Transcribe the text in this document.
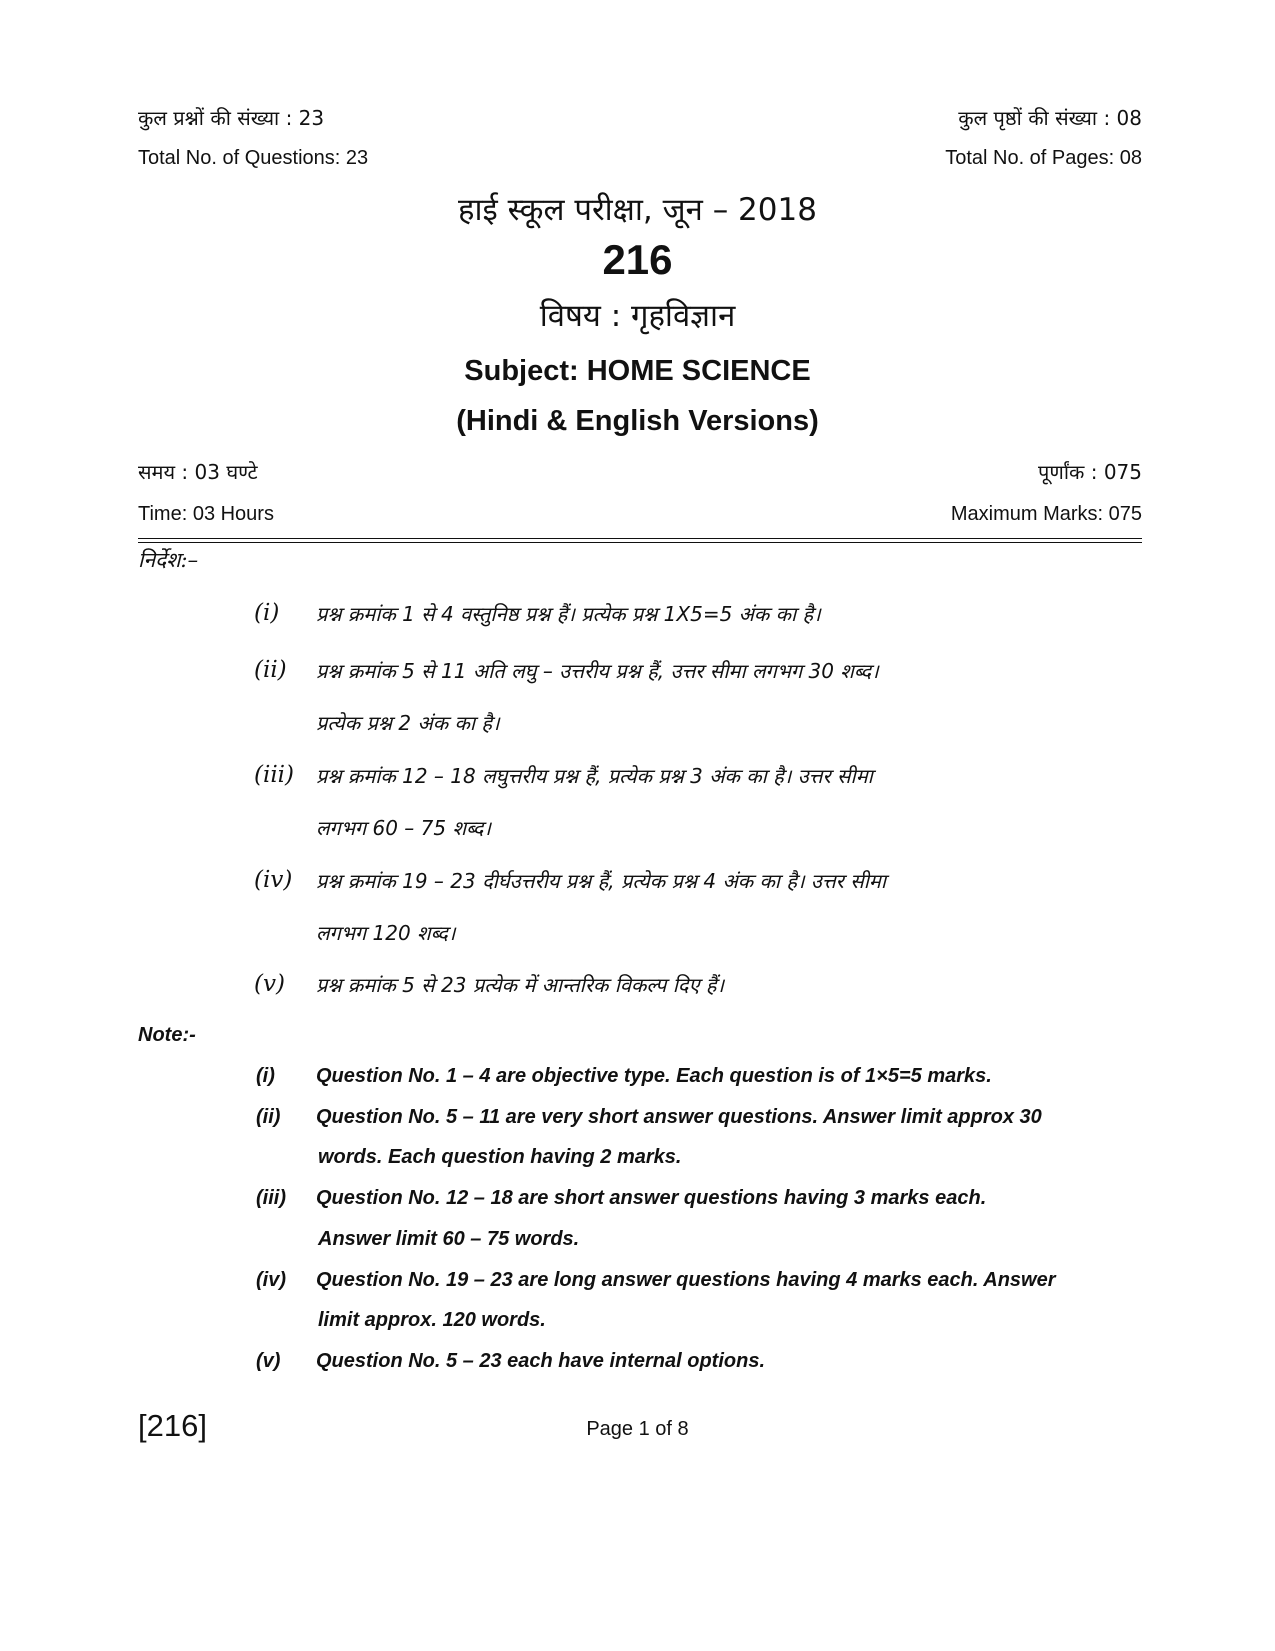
कुल प्रश्नों की संख्या : 23	कुल पृष्ठों की संख्या : 08
Total No. of Questions: 23	Total No. of Pages: 08
हाई स्कूल परीक्षा, जून – 2018
216
विषय : गृहविज्ञान
Subject: HOME SCIENCE
(Hindi & English Versions)
समय : 03 घण्टे	पूर्णांक : 075
Time: 03 Hours	Maximum Marks: 075
निर्देश:–
(i) प्रश्न क्रमांक 1 से 4 वस्तुनिष्ठ प्रश्न हैं। प्रत्येक प्रश्न 1X5=5 अंक का है।
(ii) प्रश्न क्रमांक 5 से 11 अति लघु – उत्तरीय प्रश्न हैं, उत्तर सीमा लगभग 30 शब्द।
प्रत्येक प्रश्न 2 अंक का है।
(iii) प्रश्न क्रमांक 12 – 18 लघुत्तरीय प्रश्न हैं, प्रत्येक प्रश्न 3 अंक का है। उत्तर सीमा
लगभग 60 – 75 शब्द।
(iv) प्रश्न क्रमांक 19 – 23 दीर्घउत्तरीय प्रश्न हैं, प्रत्येक प्रश्न 4 अंक का है। उत्तर सीमा
लगभग 120 शब्द।
(v) प्रश्न क्रमांक 5 से 23 प्रत्येक में आन्तरिक विकल्प दिए हैं।
Note:-
(i) Question No. 1 – 4 are objective type. Each question is of 1×5=5 marks.
(ii) Question No. 5 – 11 are very short answer questions. Answer limit approx 30
words. Each question having 2 marks.
(iii) Question No. 12 – 18 are short answer questions having 3 marks each.
Answer limit 60 – 75 words.
(iv) Question No. 19 – 23 are long answer questions having 4 marks each. Answer
limit approx. 120 words.
(v) Question No. 5 – 23 each have internal options.
[216]	Page 1 of 8
